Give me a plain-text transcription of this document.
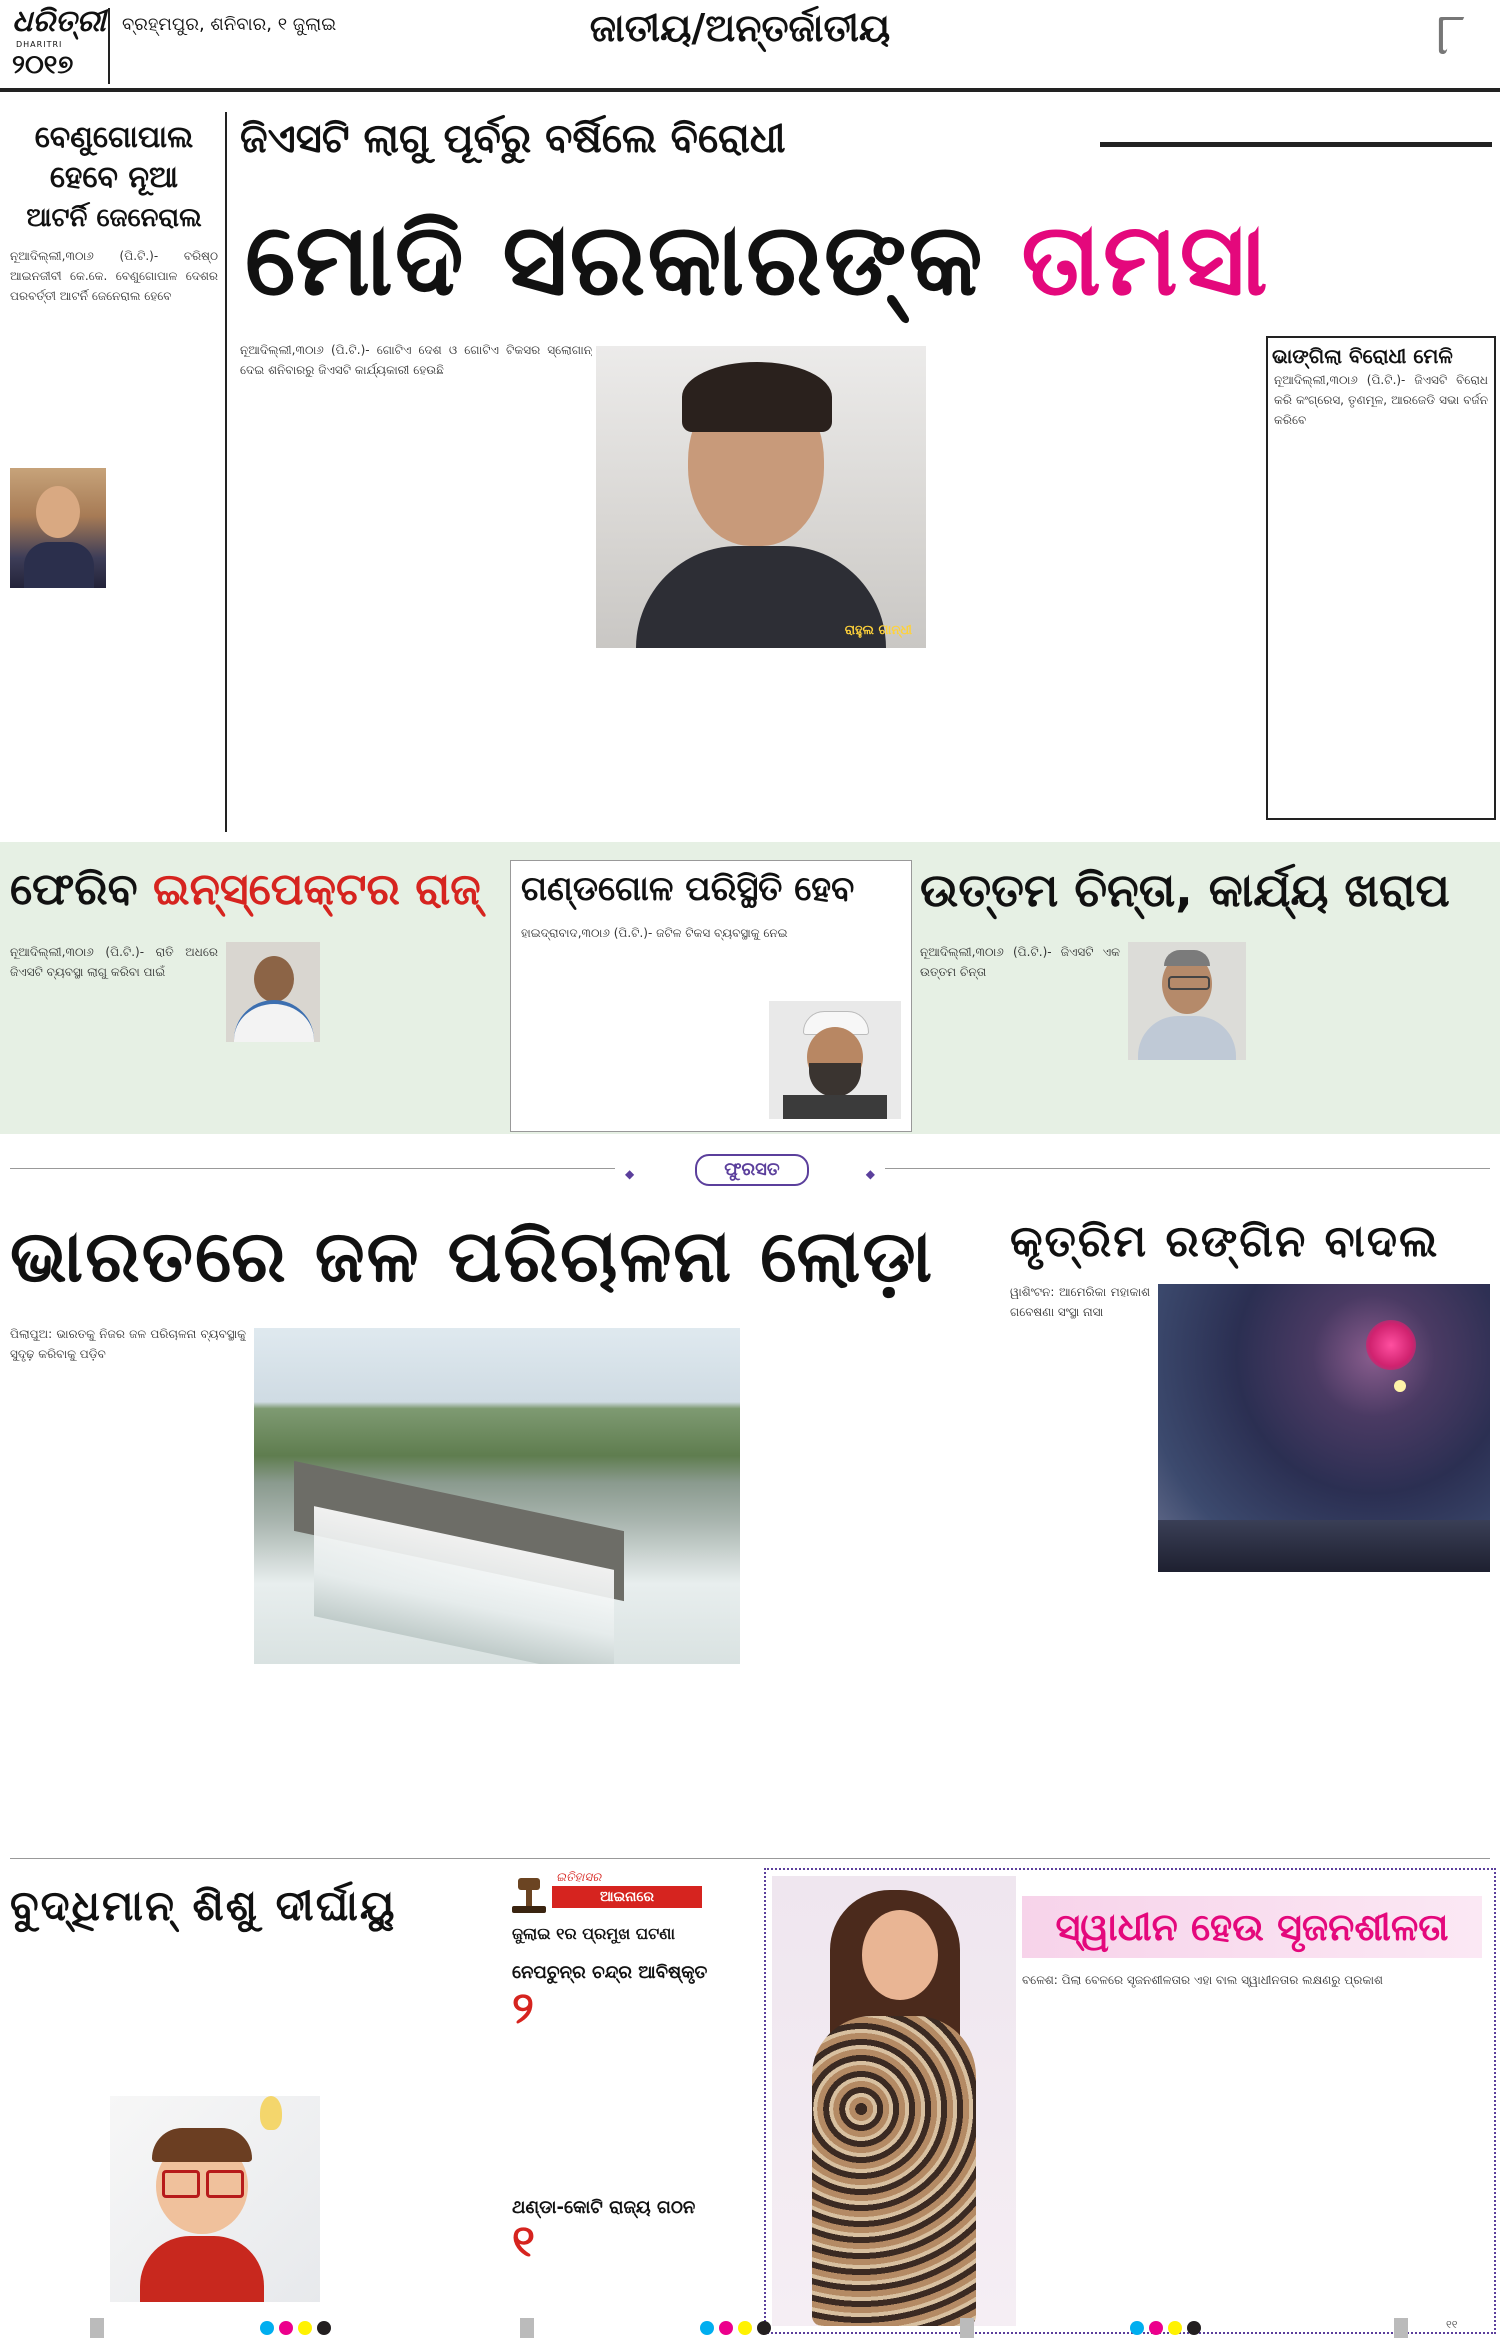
ଧରିତ୍ରୀ
DHARITRI
୨୦୧୭
ବ୍ରହ୍ମପୁର, ଶନିବାର, ୧ ଜୁଲାଇ	ଜାତୀୟ/ଅନ୍ତର୍ଜାତୀୟ	୮
ବେଣୁଗୋପାଲ
ହେବେ ନୂଆ
ଆଟର୍ନି ଜେନେରାଲ
ନୂଆଦିଲ୍ଲୀ,୩୦ା୬ (ପି.ଟି.)- ବରିଷ୍ଠ ଆଇନଜୀବୀ କେ.କେ. ବେଣୁଗୋପାଳ ଦେଶର ପରବର୍ତ୍ତୀ ଆଟର୍ନି ଜେନେରାଲ ହେବେ
ଜିଏସଟି ଲାଗୁ ପୂର୍ବରୁ ବର୍ଷିଲେ ବିରୋଧୀ
ମୋଦି ସରକାରଙ୍କ ତାମସା
ନୂଆଦିଲ୍ଲୀ,୩୦ା୬ (ପି.ଟି.)- ଗୋଟିଏ ଦେଶ ଓ ଗୋଟିଏ ଟିକସର ସ୍ଲୋଗାନ୍ ଦେଇ ଶନିବାରରୁ ଜିଏସଟି କାର୍ଯ୍ୟକାରୀ ହେଉଛି
ରାହୁଲ ଗାନ୍ଧୀ
ଭାଙ୍ଗିଲା ବିରୋଧୀ ମେଳି
ନୂଆଦିଲ୍ଲୀ,୩୦ା୬ (ପି.ଟି.)- ଜିଏସଟି ବିରୋଧ କରି କଂଗ୍ରେସ, ତୃଣମୂଳ, ଆରଜେଡି ସଭା ବର୍ଜନ କରିବେ
ଫେରିବ ଇନ୍‌ସ୍ପେକ୍ଟର ରାଜ୍
ନୂଆଦିଲ୍ଲୀ,୩୦ା୬ (ପି.ଟି.)- ରାତି ଅଧରେ ଜିଏସଟି ବ୍ୟବସ୍ଥା ଲାଗୁ କରିବା ପାଇଁ
ଗଣ୍ଡଗୋଳ ପରିସ୍ଥିତି ହେବ
ହାଇଦ୍ରାବାଦ,୩୦ା୬ (ପି.ଟି.)- ଜଟିଳ ଟିକସ ବ୍ୟବସ୍ଥାକୁ ନେଇ
ଉତ୍ତମ ଚିନ୍ତା, କାର୍ଯ୍ୟ ଖରାପ
ନୂଆଦିଲ୍ଲୀ,୩୦ା୬ (ପି.ଟି.)- ଜିଏସଟି ଏକ ଉତ୍ତମ ଚିନ୍ତା
◆	◆
ଫୁରସତ
ଭାରତରେ ଜଳ ପରିଚାଳନା ଲୋଡ଼ା
ପିଲାପୁଅ: ଭାରତକୁ ନିଜର ଜଳ ପରିଚାଳନା ବ୍ୟବସ୍ଥାକୁ ସୁଦୃଢ଼ କରିବାକୁ ପଡ଼ିବ
କୃତ୍ରିମ ରଙ୍ଗିନ ବାଦଲ
ୱାଶିଂଟନ: ଆମେରିକା ମହାକାଶ ଗବେଷଣା ସଂସ୍ଥା ନାସା
ବୁଦ୍ଧିମାନ୍ ଶିଶୁ ଦୀର୍ଘାୟୁ
ଇତିହାସର
ଆଇନାରେ
ଜୁଲାଇ ୧ର ପ୍ରମୁଖ ଘଟଣା
ନେପଚୁନ୍‌ର ଚନ୍ଦ୍ର ଆବିଷ୍କୃତ
୨
ଥଣ୍ଡା-କୋଟି ରାଜ୍ୟ ଗଠନ
୧
ସ୍ୱାଧୀନ ହେଉ ସୃଜନଶୀଳତା
ବଳେଶ: ପିଲା ବେଳରେ ସୃଜନଶୀଳତାର ଏହା ବାଲ ସ୍ୱାଧୀନତାର ଲକ୍ଷଣରୁ ପ୍ରକାଶ

୧୧
